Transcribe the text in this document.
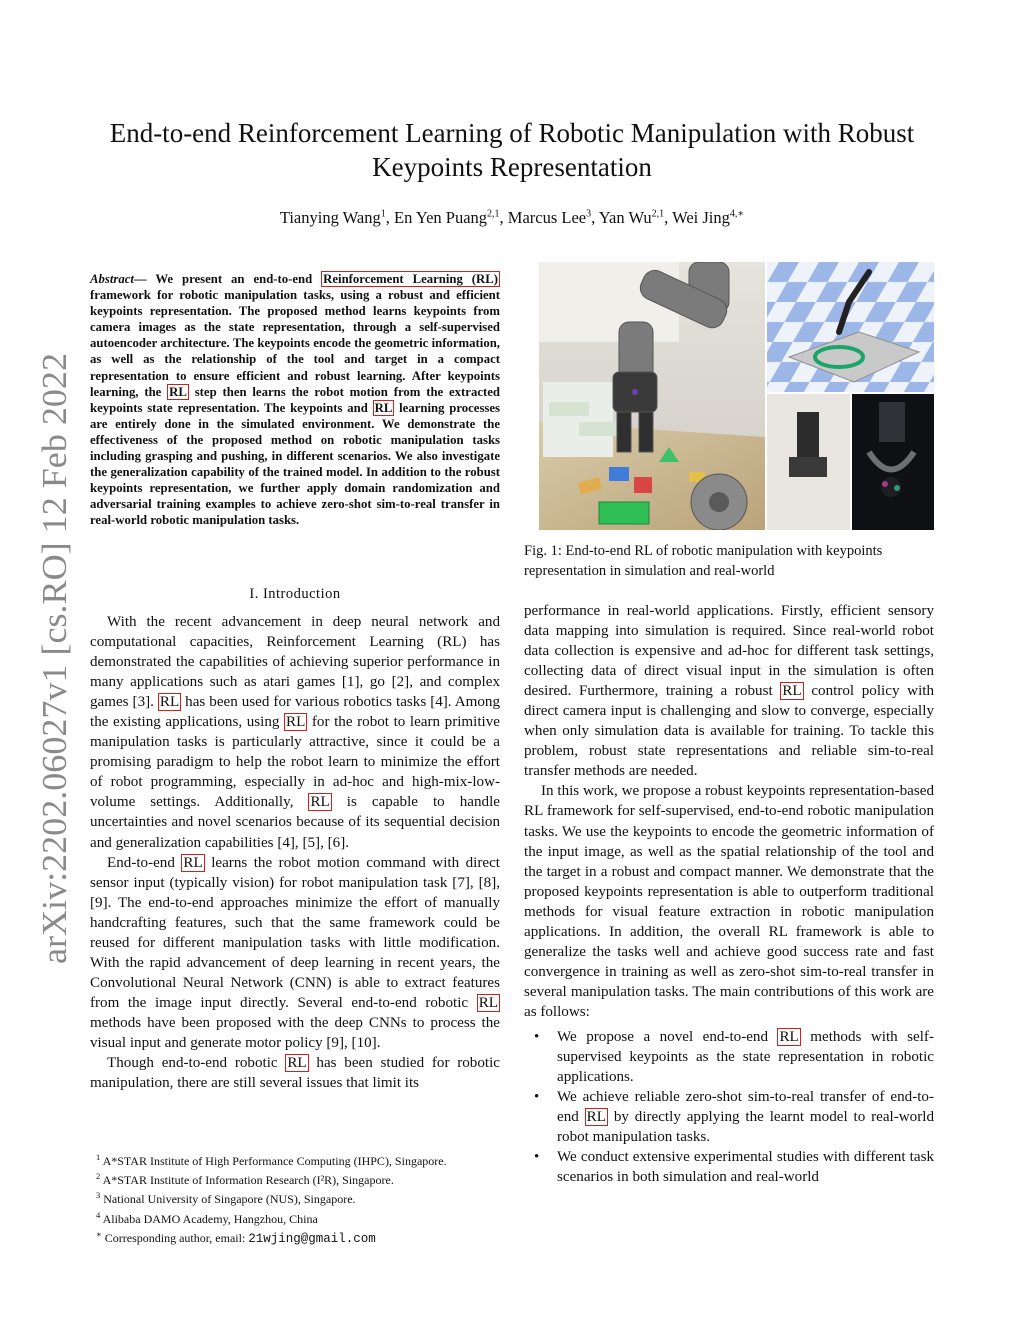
End-to-end Reinforcement Learning of Robotic Manipulation with Robust Keypoints Representation
Tianying Wang$^1$, En Yen Puang$^{2,1}$, Marcus Lee$^3$, Yan Wu$^{2,1}$, Wei Jing$^{4,∗}$
arXiv:2202.06027v1 [cs.RO] 12 Feb 2022
Abstract— We present an end-to-end Reinforcement Learning (RL) framework for robotic manipulation tasks, using a robust and efficient keypoints representation. The proposed method learns keypoints from camera images as the state representation, through a self-supervised autoencoder architecture. The keypoints encode the geometric information, as well as the relationship of the tool and target in a compact representation to ensure efficient and robust learning. After keypoints learning, the RL step then learns the robot motion from the extracted keypoints state representation. The keypoints and RL learning processes are entirely done in the simulated environment. We demonstrate the effectiveness of the proposed method on robotic manipulation tasks including grasping and pushing, in different scenarios. We also investigate the generalization capability of the trained model. In addition to the robust keypoints representation, we further apply domain randomization and adversarial training examples to achieve zero-shot sim-to-real transfer in real-world robotic manipulation tasks.
I. Introduction

With the recent advancement in deep neural network and computational capacities, Reinforcement Learning (RL) has demonstrated the capabilities of achieving superior performance in many applications such as atari games [1], go [2], and complex games [3]. RL has been used for various robotics tasks [4]. Among the existing applications, using RL for the robot to learn primitive manipulation tasks is particularly attractive, since it could be a promising paradigm to help the robot learn to minimize the effort of robot programming, especially in ad-hoc and high-mix-low-volume settings. Additionally, RL is capable to handle uncertainties and novel scenarios because of its sequential decision and generalization capabilities [4], [5], [6].

End-to-end RL learns the robot motion command with direct sensor input (typically vision) for robot manipulation task [7], [8], [9]. The end-to-end approaches minimize the effort of manually handcrafting features, such that the same framework could be reused for different manipulation tasks with little modification. With the rapid advancement of deep learning in recent years, the Convolutional Neural Network (CNN) is able to extract features from the image input directly. Several end-to-end robotic RL methods have been proposed with the deep CNNs to process the visual input and generate motor policy [9], [10].

Though end-to-end robotic RL has been studied for robotic manipulation, there are still several issues that limit its

$^1$ A*STAR Institute of High Performance Computing (IHPC), Singapore.
$^2$ A*STAR Institute of Information Research (I²R), Singapore.
$^3$ National University of Singapore (NUS), Singapore.
$^4$ Alibaba DAMO Academy, Hangzhou, China
∗ Corresponding author, email: 21wjing@gmail.com
Fig. 1: End-to-end RL of robotic manipulation with keypoints representation in simulation and real-world

performance in real-world applications. Firstly, efficient sensory data mapping into simulation is required. Since real-world robot data collection is expensive and ad-hoc for different task settings, collecting data of direct visual input in the simulation is often desired. Furthermore, training a robust RL control policy with direct camera input is challenging and slow to converge, especially when only simulation data is available for training. To tackle this problem, robust state representations and reliable sim-to-real transfer methods are needed.

In this work, we propose a robust keypoints representation-based RL framework for self-supervised, end-to-end robotic manipulation tasks. We use the keypoints to encode the geometric information of the input image, as well as the spatial relationship of the tool and the target in a robust and compact manner. We demonstrate that the proposed keypoints representation is able to outperform traditional methods for visual feature extraction in robotic manipulation applications. In addition, the overall RL framework is able to generalize the tasks well and achieve good success rate and fast convergence in training as well as zero-shot sim-to-real transfer in several manipulation tasks. The main contributions of this work are as follows:

• We propose a novel end-to-end RL methods with self-supervised keypoints as the state representation in robotic applications.
• We achieve reliable zero-shot sim-to-real transfer of end-to-end RL by directly applying the learnt model to real-world robot manipulation tasks.
• We conduct extensive experimental studies with different task scenarios in both simulation and real-world
